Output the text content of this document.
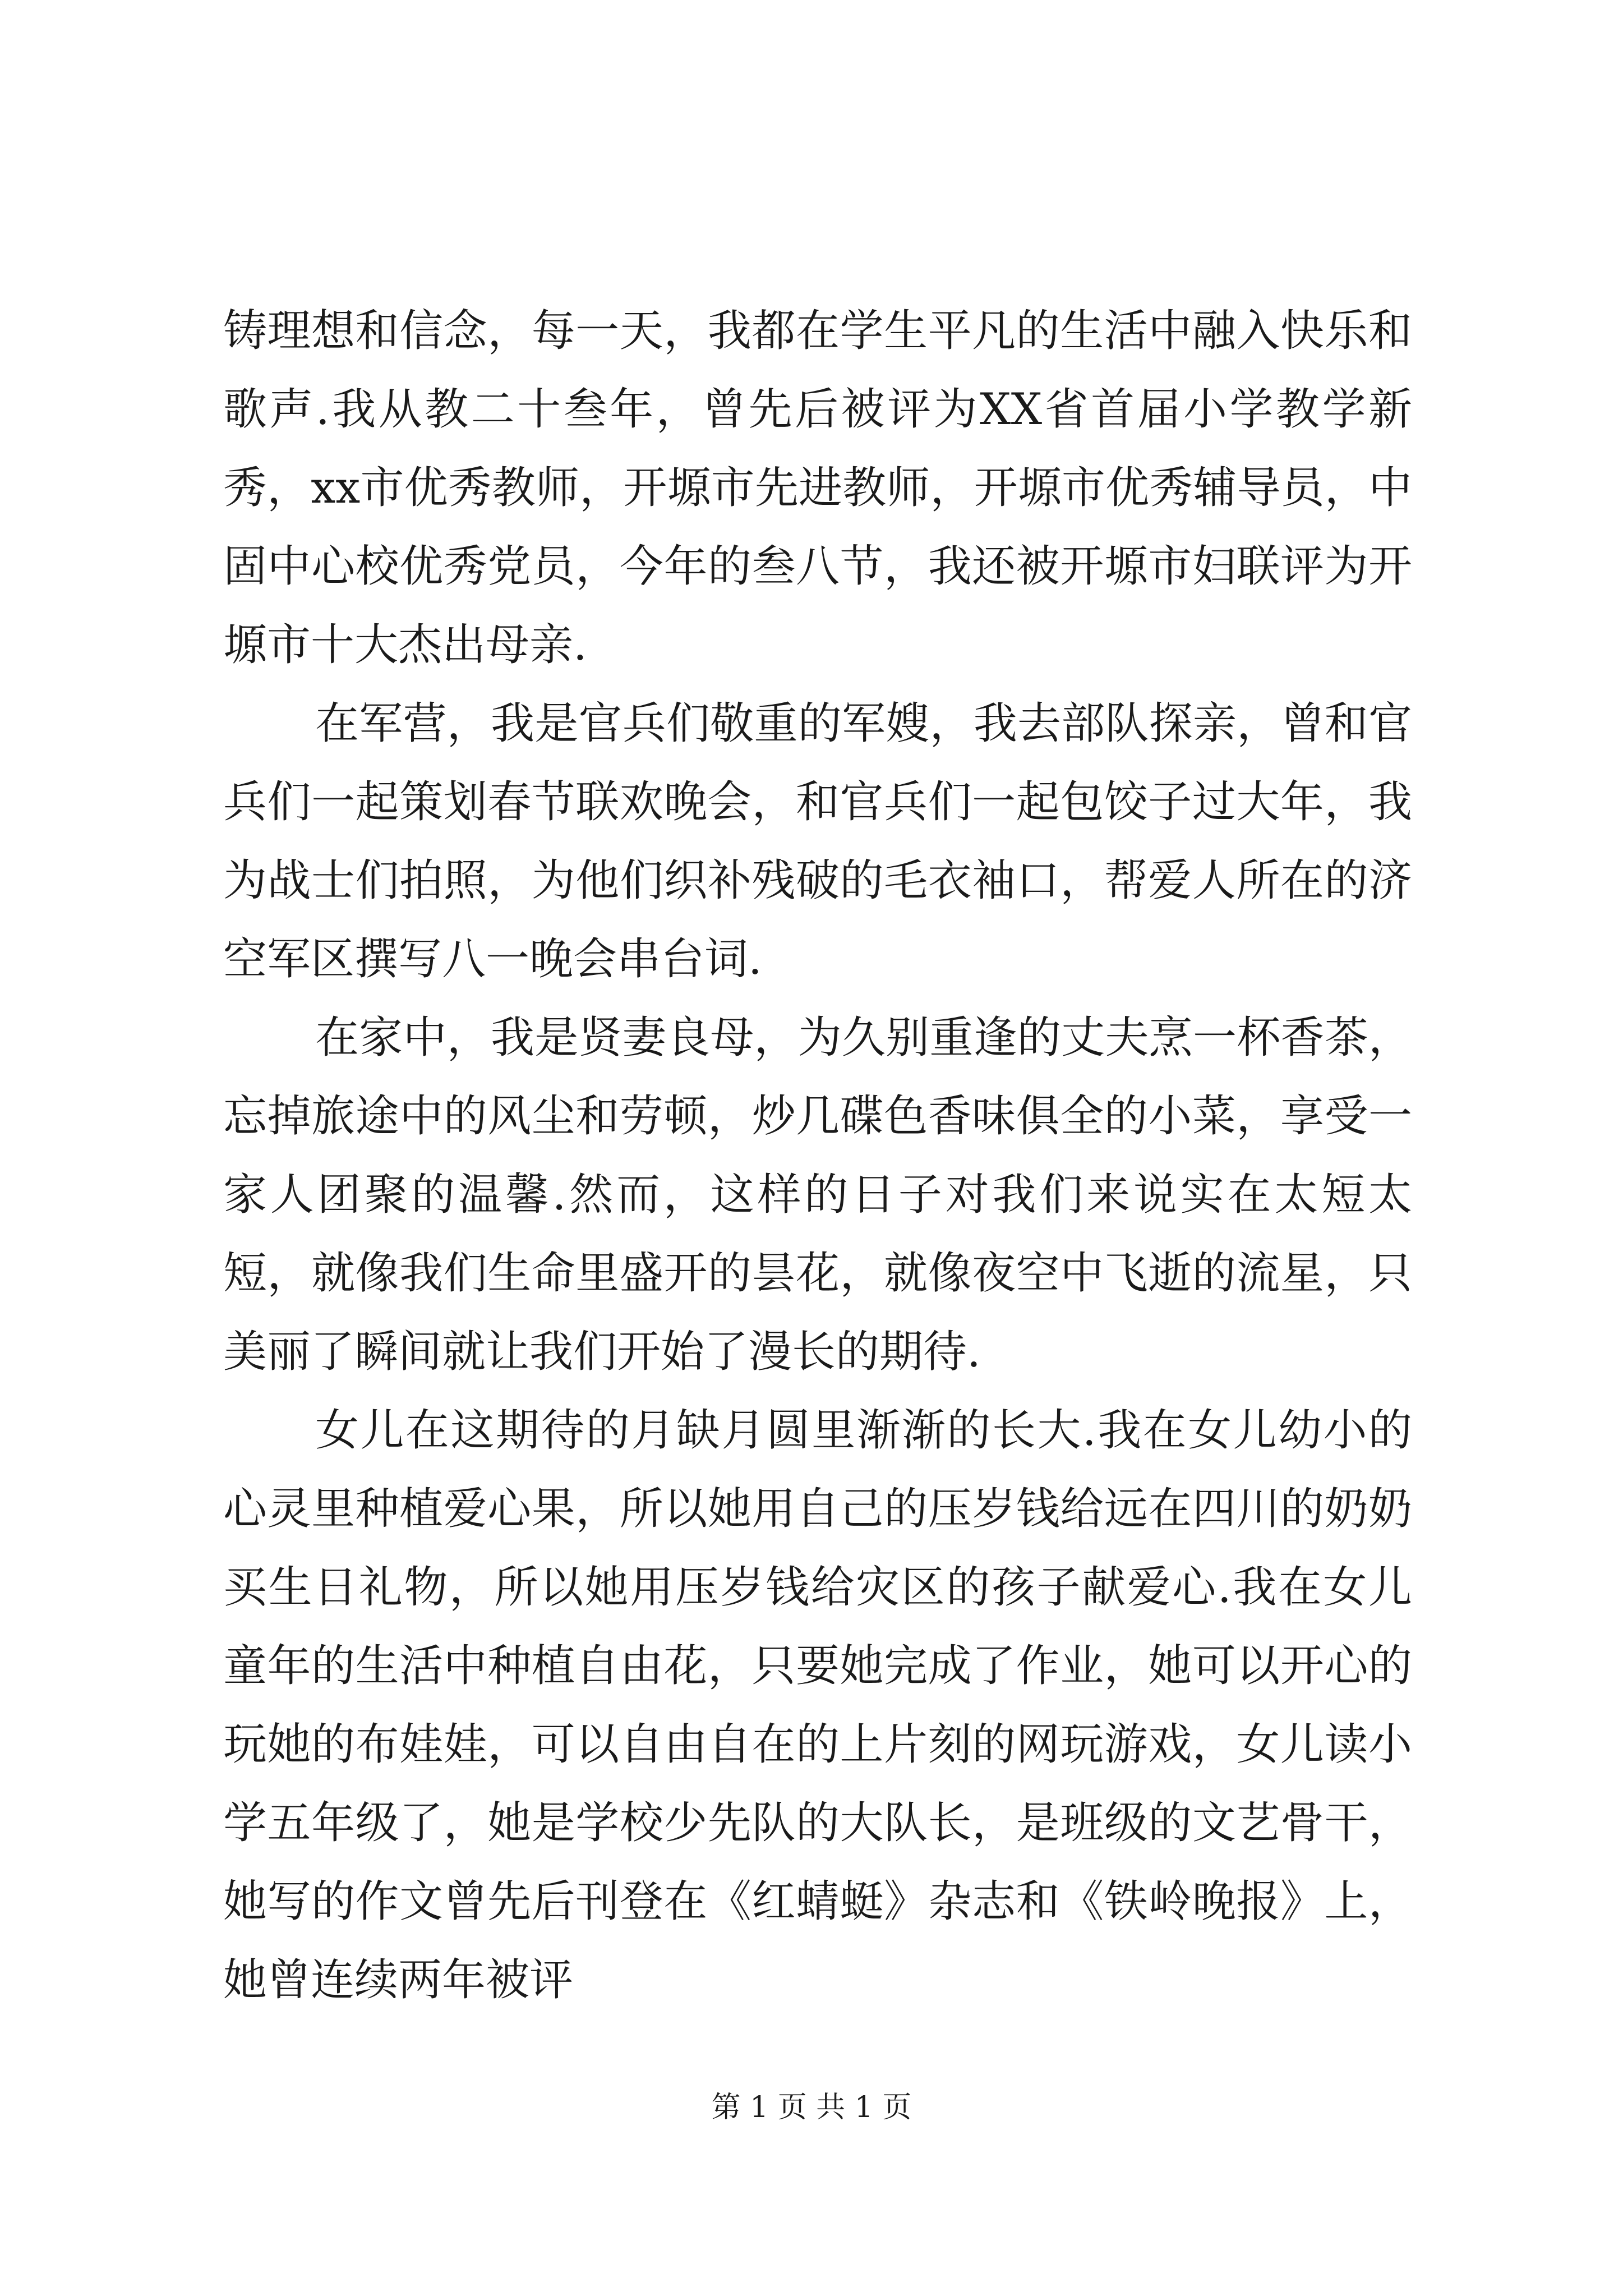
铸理想和信念，每一天，我都在学生平凡的生活中融入快乐和歌声.我从教二十叁年，曾先后被评为XX省首届小学教学新秀，xx市优秀教师，开塬市先进教师，开塬市优秀辅导员，中固中心校优秀党员，今年的叁八节，我还被开塬市妇联评为开塬市十大杰出母亲.

在军营，我是官兵们敬重的军嫂，我去部队探亲，曾和官兵们一起策划春节联欢晚会，和官兵们一起包饺子过大年，我为战士们拍照，为他们织补残破的毛衣袖口，帮爱人所在的济空军区撰写八一晚会串台词.

在家中，我是贤妻良母，为久别重逢的丈夫烹一杯香茶，忘掉旅途中的风尘和劳顿，炒几碟色香味俱全的小菜，享受一家人团聚的温馨.然而，这样的日子对我们来说实在太短太短，就像我们生命里盛开的昙花，就像夜空中飞逝的流星，只美丽了瞬间就让我们开始了漫长的期待.

女儿在这期待的月缺月圆里渐渐的长大.我在女儿幼小的心灵里种植爱心果，所以她用自己的压岁钱给远在四川的奶奶买生日礼物，所以她用压岁钱给灾区的孩子献爱心.我在女儿童年的生活中种植自由花，只要她完成了作业，她可以开心的玩她的布娃娃，可以自由自在的上片刻的网玩游戏，女儿读小学五年级了，她是学校少先队的大队长，是班级的文艺骨干，她写的作文曾先后刊登在《红蜻蜓》杂志和《铁岭晚报》上，她曾连续两年被评

第 1 页 共 1 页
